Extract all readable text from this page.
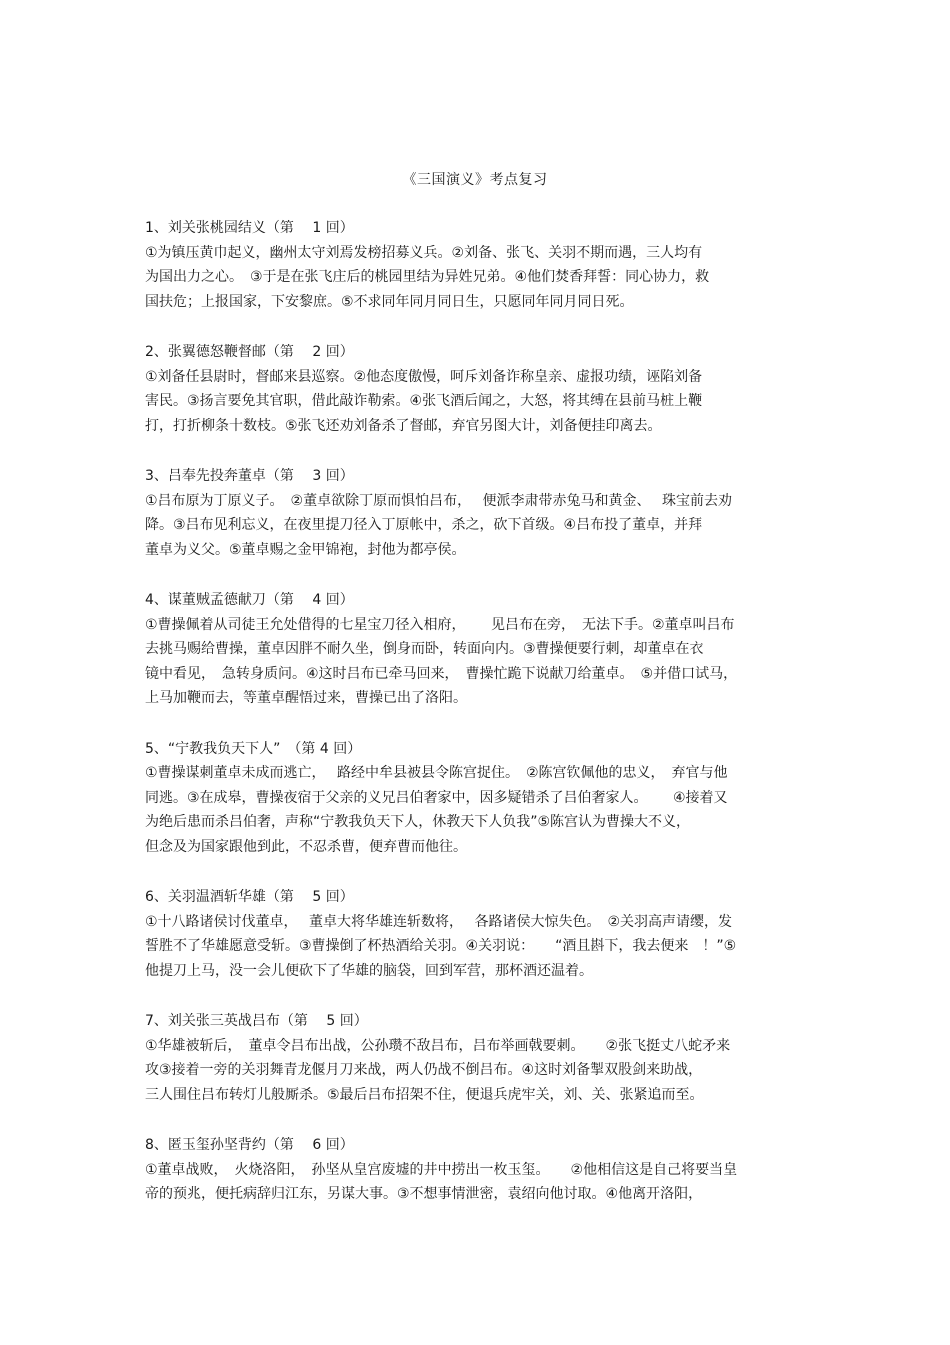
《三国演义》考点复习
1、刘关张桃园结义（第　 1 回）
①为镇压黄巾起义，幽州太守刘焉发榜招募义兵。②刘备、张飞、关羽不期而遇，三人均有
为国出力之心。　③于是在张飞庄后的桃园里结为异姓兄弟。④他们焚香拜誓：同心协力，救
国扶危；上报国家，下安黎庶。⑤不求同年同月同日生，只愿同年同月同日死。
2、张翼德怒鞭督邮（第　 2 回）
①刘备任县尉时，督邮来县巡察。②他态度傲慢，呵斥刘备诈称皇亲、虚报功绩，诬陷刘备
害民。③扬言要免其官职，借此敲诈勒索。④张飞酒后闻之，大怒，将其缚在县前马桩上鞭
打，打折柳条十数枝。⑤张飞还劝刘备杀了督邮，弃官另图大计，刘备便挂印离去。
3、吕奉先投奔董卓（第　 3 回）
①吕布原为丁原义子。　②董卓欲除丁原而惧怕吕布，　 便派李肃带赤兔马和黄金、　 珠宝前去劝
降。③吕布见利忘义，在夜里提刀径入丁原帐中，杀之，砍下首级。④吕布投了董卓，并拜
董卓为义父。⑤董卓赐之金甲锦袍，封他为都亭侯。
4、谋董贼孟德献刀（第　 4 回）
①曹操佩着从司徒王允处借得的七星宝刀径入相府，　　 见吕布在旁，　无法下手。②董卓叫吕布
去挑马赐给曹操，董卓因胖不耐久坐，倒身而卧，转面向内。③曹操便要行刺，却董卓在衣
镜中看见，　急转身质问。④这时吕布已牵马回来，　曹操忙跪下说献刀给董卓。　⑤并借口试马，
上马加鞭而去，等董卓醒悟过来，曹操已出了洛阳。
5、“宁教我负天下人”　（第 4 回）
①曹操谋刺董卓未成而逃亡，　 路经中牟县被县令陈宫捉住。　②陈宫钦佩他的忠义，　弃官与他
同逃。③在成皋，曹操夜宿于父亲的义兄吕伯奢家中，因多疑错杀了吕伯奢家人。　　 ④接着又
为绝后患而杀吕伯奢，声称“宁教我负天下人，休教天下人负我”⑤陈宫认为曹操大不义，
但念及为国家跟他到此，不忍杀曹，便弃曹而他往。
6、关羽温酒斩华雄（第　 5 回）
①十八路诸侯讨伐董卓，　 董卓大将华雄连斩数将，　 各路诸侯大惊失色。　②关羽高声请缨，发
誓胜不了华雄愿意受斩。③曹操倒了杯热酒给关羽。④关羽说：　　“酒且斟下，我去便来　！”⑤
他提刀上马，没一会儿便砍下了华雄的脑袋，回到军营，那杯酒还温着。
7、刘关张三英战吕布（第　 5 回）
①华雄被斩后，　董卓令吕布出战，公孙瓒不敌吕布，吕布举画戟要刺。　　②张飞挺丈八蛇矛来
攻③接着一旁的关羽舞青龙偃月刀来战，两人仍战不倒吕布。④这时刘备掣双股剑来助战，
三人围住吕布转灯儿般厮杀。⑤最后吕布招架不住，便退兵虎牢关，刘、关、张紧追而至。
8、匿玉玺孙坚背约（第　 6 回）
①董卓战败，　火烧洛阳，　孙坚从皇宫废墟的井中捞出一枚玉玺。　　②他相信这是自己将要当皇
帝的预兆，便托病辞归江东，另谋大事。③不想事情泄密，袁绍向他讨取。④他离开洛阳，
